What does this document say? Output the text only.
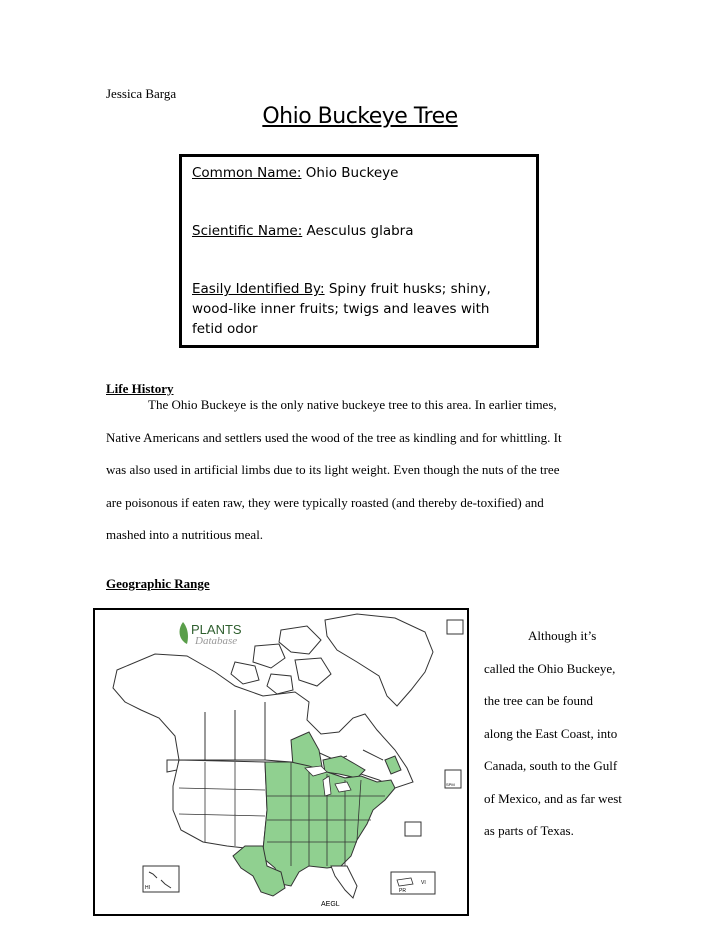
Jessica Barga
Ohio Buckeye Tree
Common Name: Ohio Buckeye
Scientific Name: Aesculus glabra
Easily Identified By: Spiny fruit husks; shiny,
wood-like inner fruits; twigs and leaves with
fetid odor
Life History
The Ohio Buckeye is the only native buckeye tree to this area. In earlier times,
Native Americans and settlers used the wood of the tree as kindling and for whittling. It
was also used in artificial limbs due to its light weight. Even though the nuts of the tree
are poisonous if eaten raw, they were typically roasted (and thereby de-toxified) and
mashed into a nutritious meal.
Geographic Range
PLANTS
Database
HI	PR
VI
SPM
AEGL
Although it’s
called the Ohio Buckeye,
the tree can be found
along the East Coast, into
Canada, south to the Gulf
of Mexico, and as far west
as parts of Texas.
